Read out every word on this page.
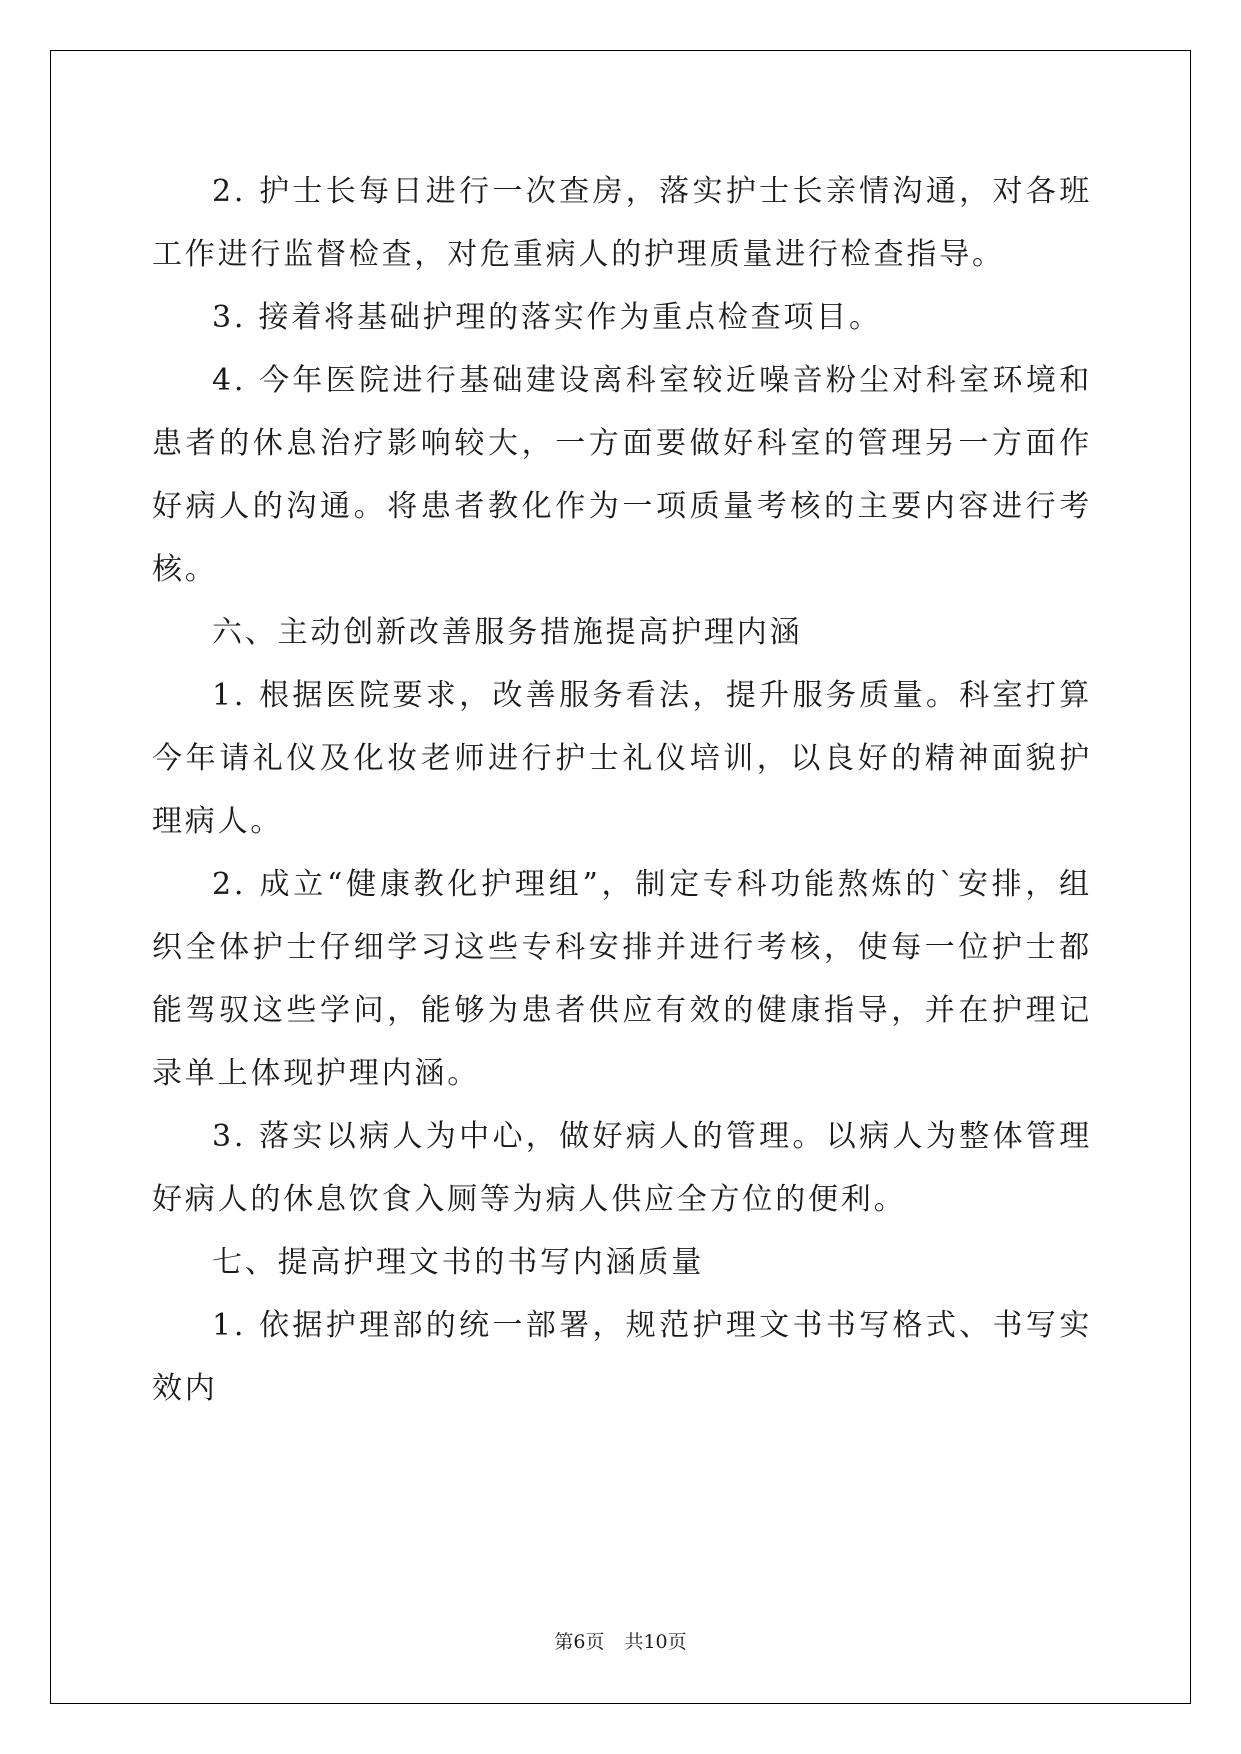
2. 护士长每日进行一次查房，落实护士长亲情沟通，对各班工作进行监督检查，对危重病人的护理质量进行检查指导。

3. 接着将基础护理的落实作为重点检查项目。

4. 今年医院进行基础建设离科室较近噪音粉尘对科室环境和患者的休息治疗影响较大，一方面要做好科室的管理另一方面作好病人的沟通。将患者教化作为一项质量考核的主要内容进行考核。

六、主动创新改善服务措施提高护理内涵

1. 根据医院要求，改善服务看法，提升服务质量。科室打算今年请礼仪及化妆老师进行护士礼仪培训，以良好的精神面貌护理病人。

2. 成立“健康教化护理组”，制定专科功能熬炼的`安排，组织全体护士仔细学习这些专科安排并进行考核，使每一位护士都能驾驭这些学问，能够为患者供应有效的健康指导，并在护理记录单上体现护理内涵。

3. 落实以病人为中心，做好病人的管理。以病人为整体管理好病人的休息饮食入厕等为病人供应全方位的便利。

七、提高护理文书的书写内涵质量

1. 依据护理部的统一部署，规范护理文书书写格式、书写实效内

第6页 共10页
